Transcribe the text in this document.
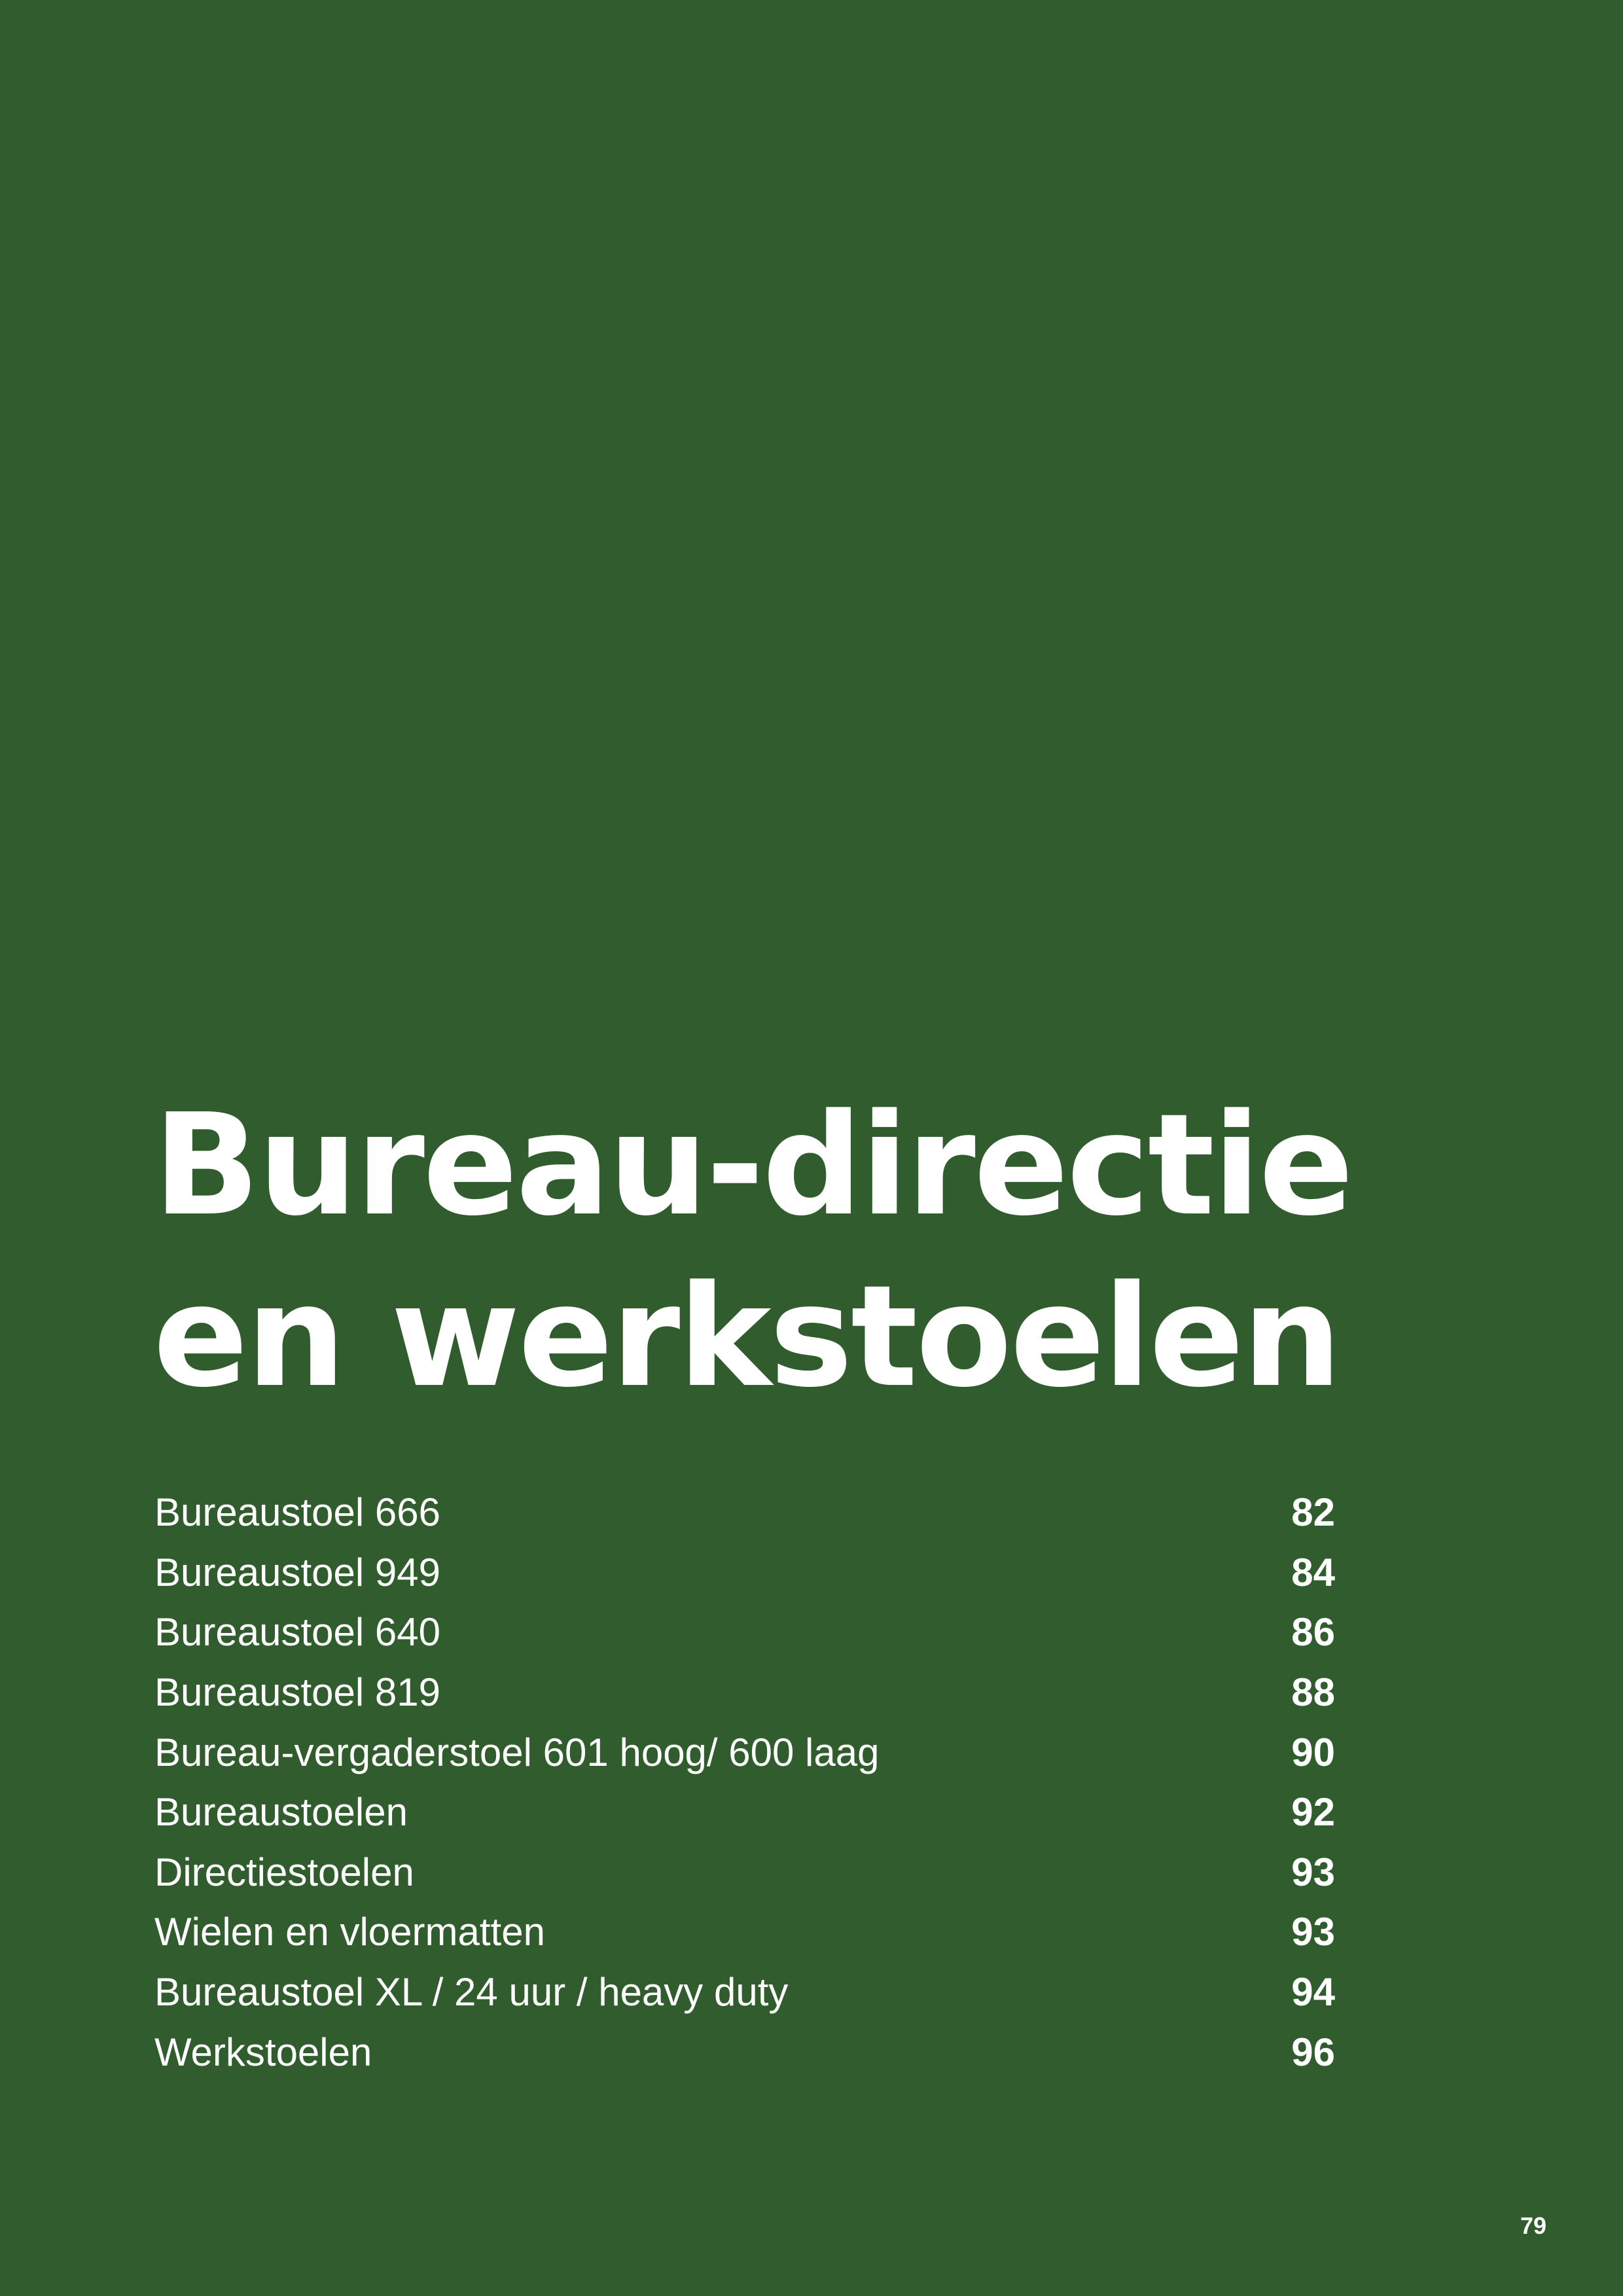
Bureau-directie
en werkstoelen
Bureaustoel 666	82
Bureaustoel 949	84
Bureaustoel 640	86
Bureaustoel 819	88
Bureau-vergaderstoel 601 hoog/ 600 laag	90
Bureaustoelen	92
Directiestoelen	93
Wielen en vloermatten	93
Bureaustoel XL / 24 uur / heavy duty	94
Werkstoelen	96
79
